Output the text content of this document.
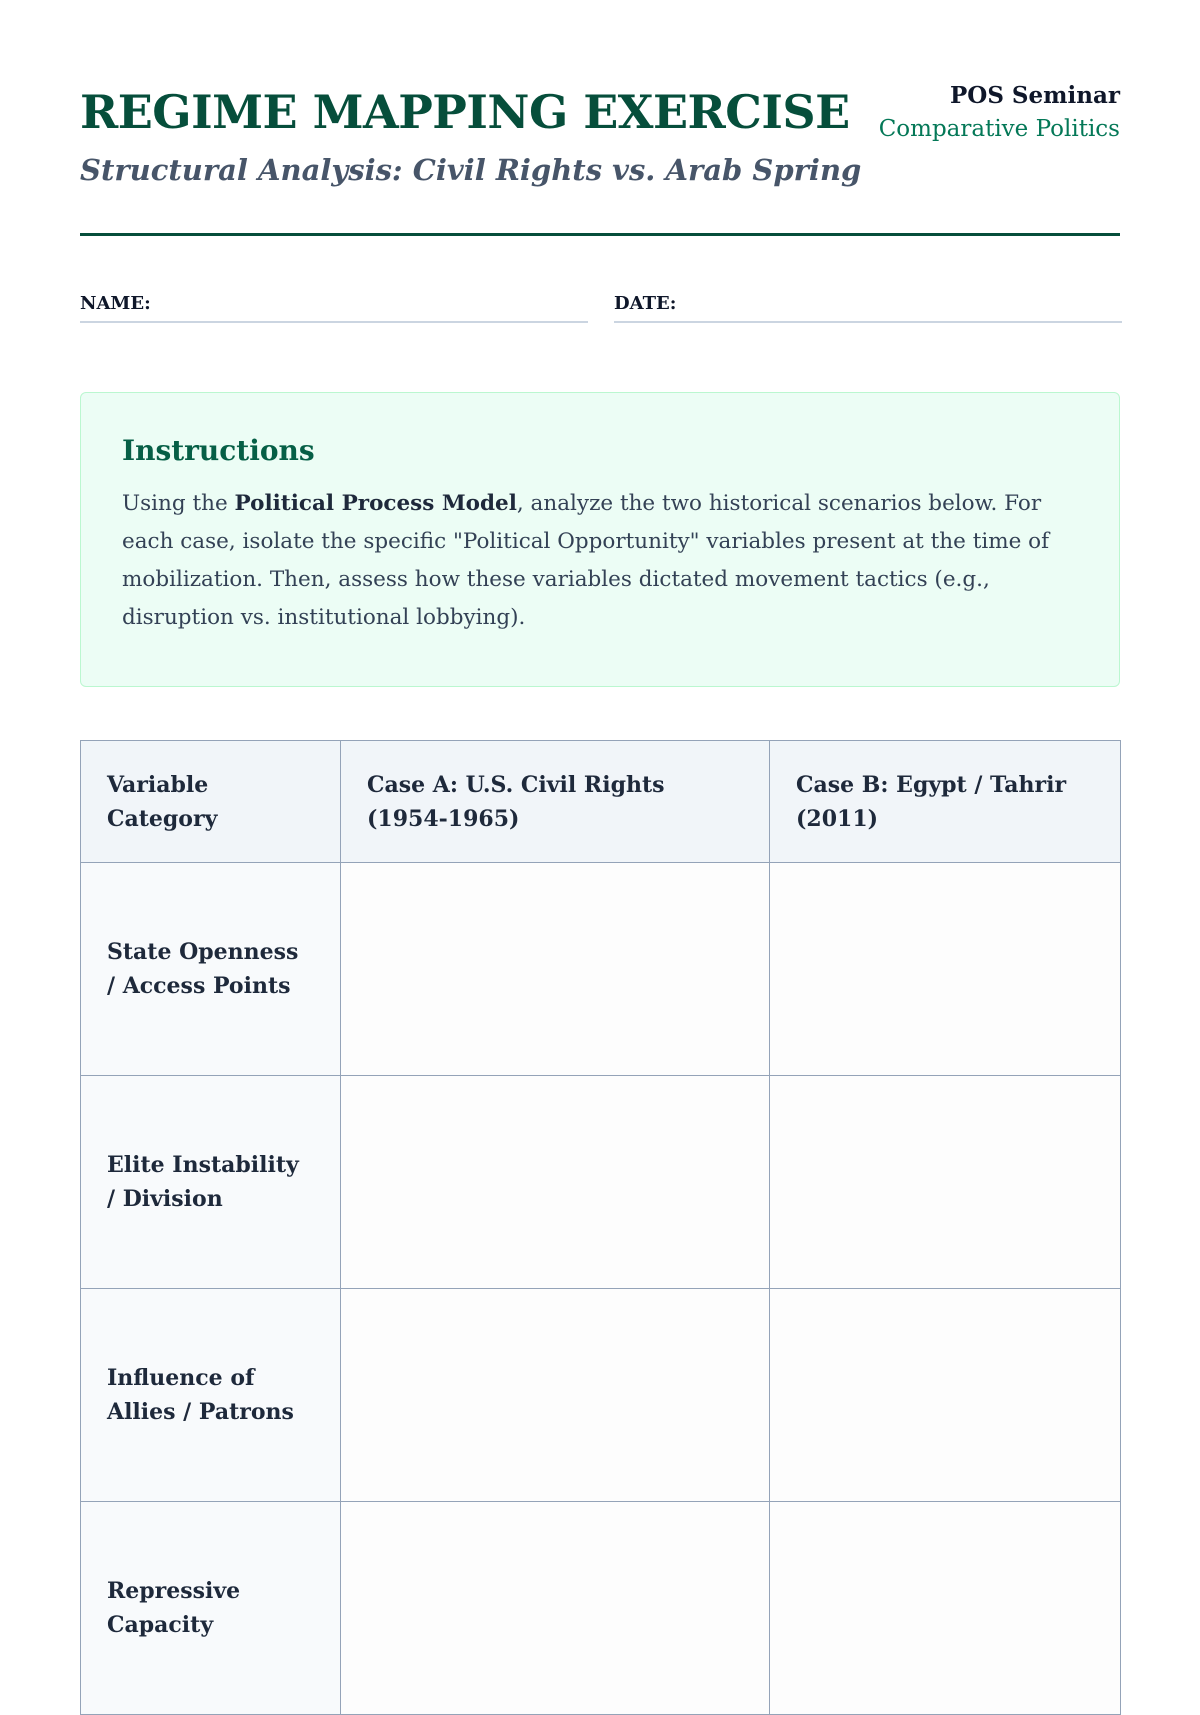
REGIME MAPPING EXERCISE
Structural Analysis: Civil Rights vs. Arab Spring
POS Seminar
Comparative Politics
NAME:	DATE:
Instructions

Using the Political Process Model, analyze the two historical scenarios below. For each case, isolate the specific "Political Opportunity" variables present at the time of mobilization. Then, assess how these variables dictated movement tactics (e.g., disruption vs. institutional lobbying).

Variable Category	Case A: U.S. Civil Rights (1954-1965)	Case B: Egypt / Tahrir (2011)
State Openness / Access Points		
Elite Instability / Division		
Influence of Allies / Patrons		
Repressive Capacity		
